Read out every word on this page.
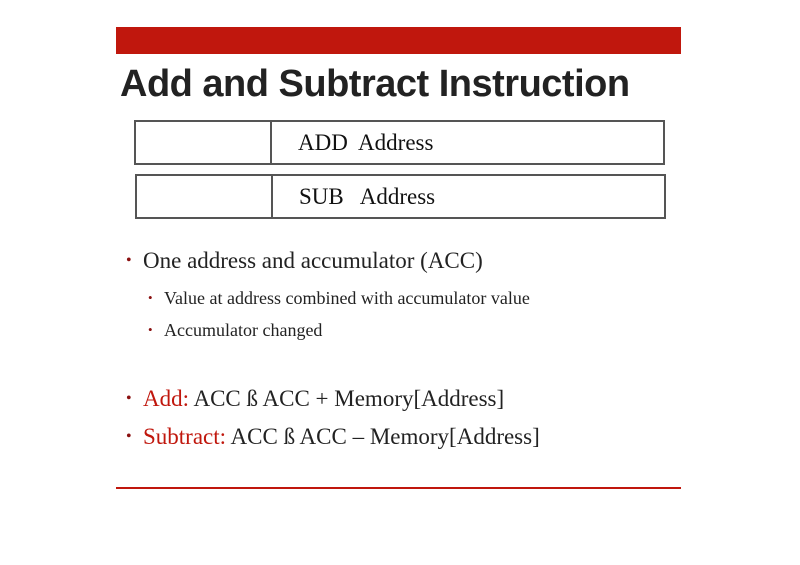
Add and Subtract Instruction
ADD  Address
SUB   Address
• One address and accumulator (ACC)
• Value at address combined with accumulator value
• Accumulator changed
• Add: ACC ß ACC + Memory[Address]
• Subtract: ACC ß ACC – Memory[Address]
